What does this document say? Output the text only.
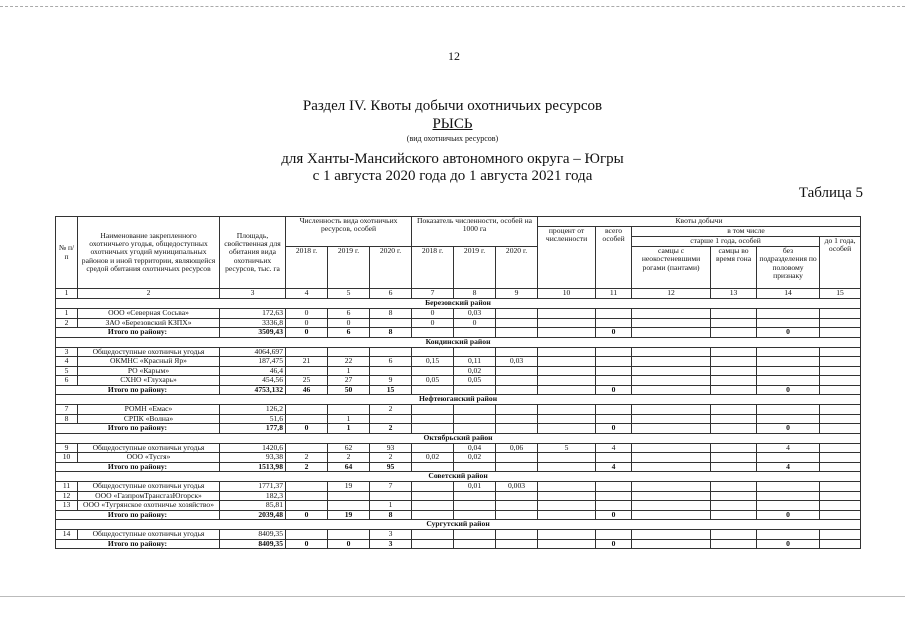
12
Раздел IV. Квоты добычи охотничьих ресурсов
РЫСЬ
(вид охотничьих ресурсов)
для Ханты-Мансийского автономного округа – Югры
с 1 августа 2020 года до 1 августа 2021 года
Таблица 5
№ п/п	Наименование закрепленного охотничьего угодья, общедоступных охотничьих угодий муниципальных районов и иной территории, являющейся средой обитания охотничьих ресурсов	Площадь, свойственная для обитания вида охотничьих ресурсов, тыс. га	Численность вида охотничьих ресурсов, особей			Показатель численности, особей на 1000 га			Квоты добычи					
									процент от численности	всего особей	в том числе			
											старше 1 года, особей			до 1 года, особей
			2018 г.	2019 г.	2020 г.	2018 г.	2019 г.	2020 г.			самцы с неокостеневшими рогами (пантами)	самцы во время гона	без подразделения по половому признаку	

1	2	3	4	5	6	7	8	9	10	11	12	13	14	15
Березовский район														
1	ООО «Северная Сосьва»	172,63	0	6	8	0	0,03							
2	ЗАО «Березовский КЗПХ»	3336,8	0	0		0	0							
Итого по району:		3509,43	0	6	8					0			0	
Кондинский район														
3	Общедоступные охотничьи угодья	4064,697												
4	ОКМНС «Красный Яр»	187,475	21	22	6	0,15	0,11	0,03						
5	РО «Карым»	46,4		1			0,02							
6	СХНО «Глухарь»	454,56	25	27	9	0,05	0,05							
Итого по району:		4753,132	46	50	15					0			0	
Нефтеюганский район														
7	РОМН «Емас»	126,2			2									
8	СРПК «Волна»	51,6		1										
Итого по району:		177,8	0	1	2					0			0	
Октябрьский район														
9	Общедоступные охотничьи угодья	1420,6		62	93		0,04	0,06	5	4			4	
10	ООО «Тусгя»	93,38	2	2	2	0,02	0,02							
Итого по району:		1513,98	2	64	95					4			4	
Советский район														
11	Общедоступные охотничьи угодья	1771,37		19	7		0,01	0,003						
12	ООО «ГазпромТрансгазЮгорск»	182,3												
13	ООО «Тугрянское охотничье хозяйство»	85,81			1									
Итого по району:		2039,48	0	19	8					0			0	
Сургутский район														
14	Общедоступные охотничьи угодья	8409,35			3									
Итого по району:		8409,35	0	0	3					0			0	
